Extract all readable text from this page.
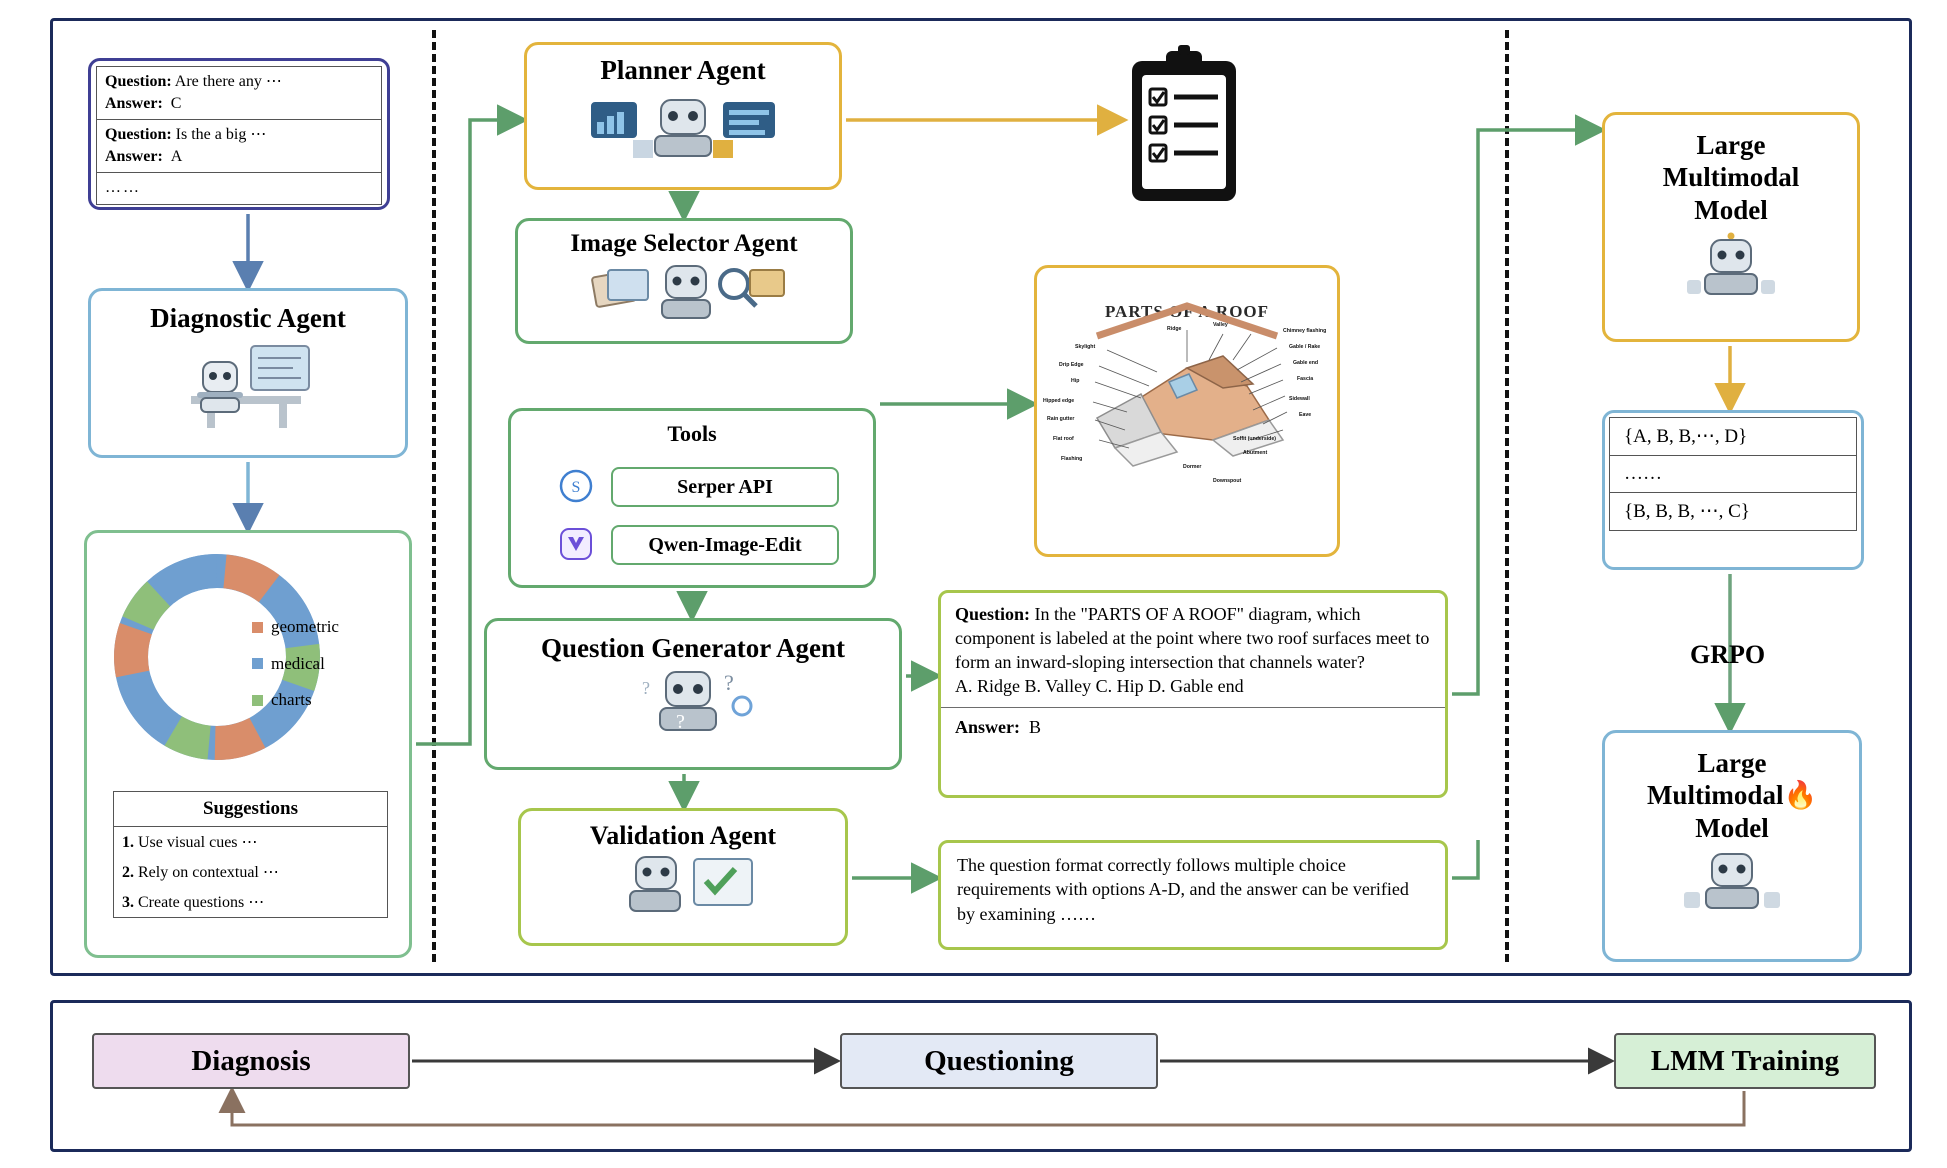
Question: Are there any ⋯
Answer: C
Question: Is the a big ⋯
Answer: A
……
Diagnostic Agent
geometric
medical
charts
Suggestions
1. Use visual cues ⋯
2. Rely on contextual ⋯
3. Create questions ⋯
Planner Agent
Image Selector Agent
Tools
S	Serper API
Qwen-Image-Edit
Question Generator Agent
?
?
?
Validation Agent
PARTS OF A ROOF
Skylight
Drip Edge
Hip
Hipped edge
Rain gutter
Flat roof
Flashing
Chimney flashing
Gable / Rake
Gable end
Fascia
Sidewall
Eave
Soffit (underside)
Abutment
Dormer
Downspout
Ridge
Valley
Question: In the "PARTS OF A ROOF" diagram, which component is labeled at the point where two roof surfaces meet to form an inward-sloping intersection that channels water?
A. Ridge B. Valley C. Hip D. Gable end
Answer: B
The question format correctly follows multiple choice requirements with options A-D, and the answer can be verified by examining ……
Large
Multimodal
Model
{A, B, B,⋯, D}
……
{B, B, B, ⋯, C}
GRPO
Large
Multimodal🔥
Model
Diagnosis	Questioning	LMM Training
